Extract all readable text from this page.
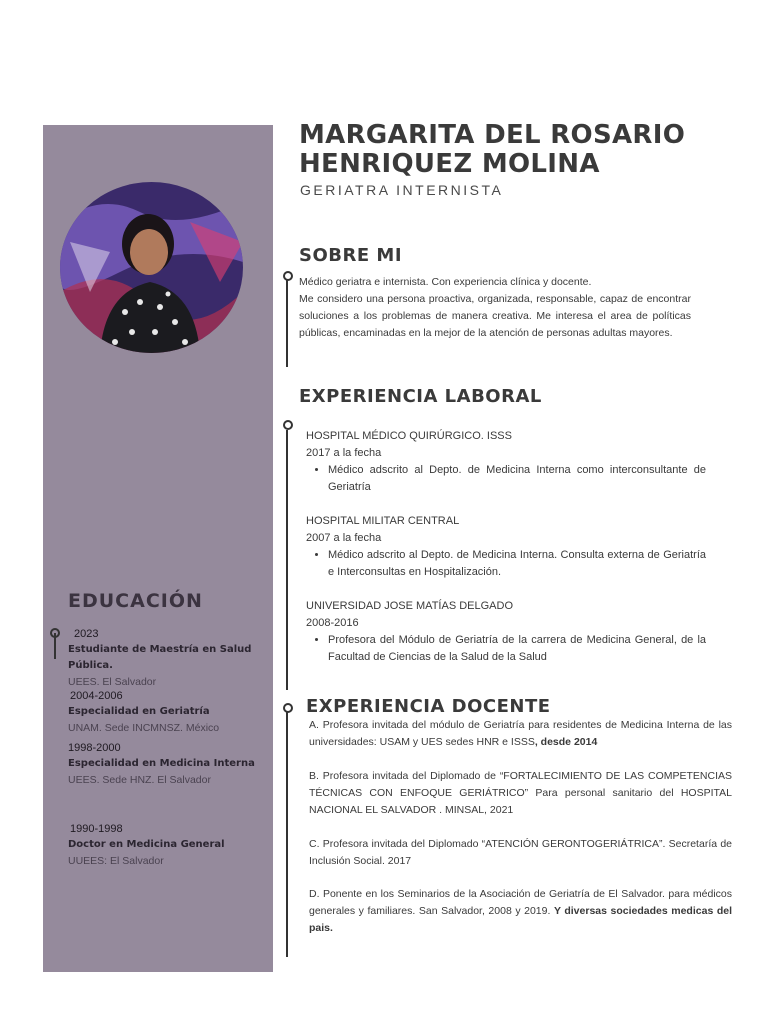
MARGARITA DEL ROSARIO
HENRIQUEZ MOLINA
GERIATRA INTERNISTA
SOBRE MI
Médico geriatra e internista. Con experiencia clínica y docente.
Me considero una persona proactiva, organizada, responsable, capaz de encontrar soluciones a los problemas de manera creativa. Me interesa el area de políticas públicas, encaminadas en la mejor de la atención de personas adultas mayores.
EXPERIENCIA LABORAL
HOSPITAL MÉDICO QUIRÚRGICO. ISSS
2017 a la fecha
• Médico adscrito al Depto. de Medicina Interna como interconsultante de Geriatría
HOSPITAL MILITAR CENTRAL
2007 a la fecha
• Médico adscrito al Depto. de Medicina Interna. Consulta externa de Geriatría e Interconsultas en Hospitalización.
UNIVERSIDAD JOSE MATÍAS DELGADO
2008-2016
• Profesora del Módulo de Geriatría de la carrera de Medicina General, de la Facultad de Ciencias de la Salud de la Salud
EXPERIENCIA DOCENTE
A. Profesora invitada del módulo de Geriatría para residentes de Medicina Interna de las universidades: USAM y UES sedes HNR e ISSS, desde 2014
B. Profesora invitada del Diplomado de “FORTALECIMIENTO DE LAS COMPETENCIAS TÉCNICAS CON ENFOQUE GERIÁTRICO” Para personal sanitario del HOSPITAL NACIONAL EL SALVADOR . MINSAL, 2021
C. Profesora invitada del Diplomado “ATENCIÓN GERONTOGERIÁTRICA”. Secretaría de Inclusión Social. 2017
D. Ponente en los Seminarios de la Asociación de Geriatría de El Salvador. para médicos generales y familiares. San Salvador, 2008 y 2019. Y diversas sociedades medicas del pais.
EDUCACIÓN
2023
Estudiante de Maestría en Salud Pública.
UEES. El Salvador
2004-2006
Especialidad en Geriatría
UNAM. Sede INCMNSZ. México
1998-2000
Especialidad en Medicina Interna
UEES. Sede HNZ. El Salvador
1990-1998
Doctor en Medicina General
UUEES: El Salvador
